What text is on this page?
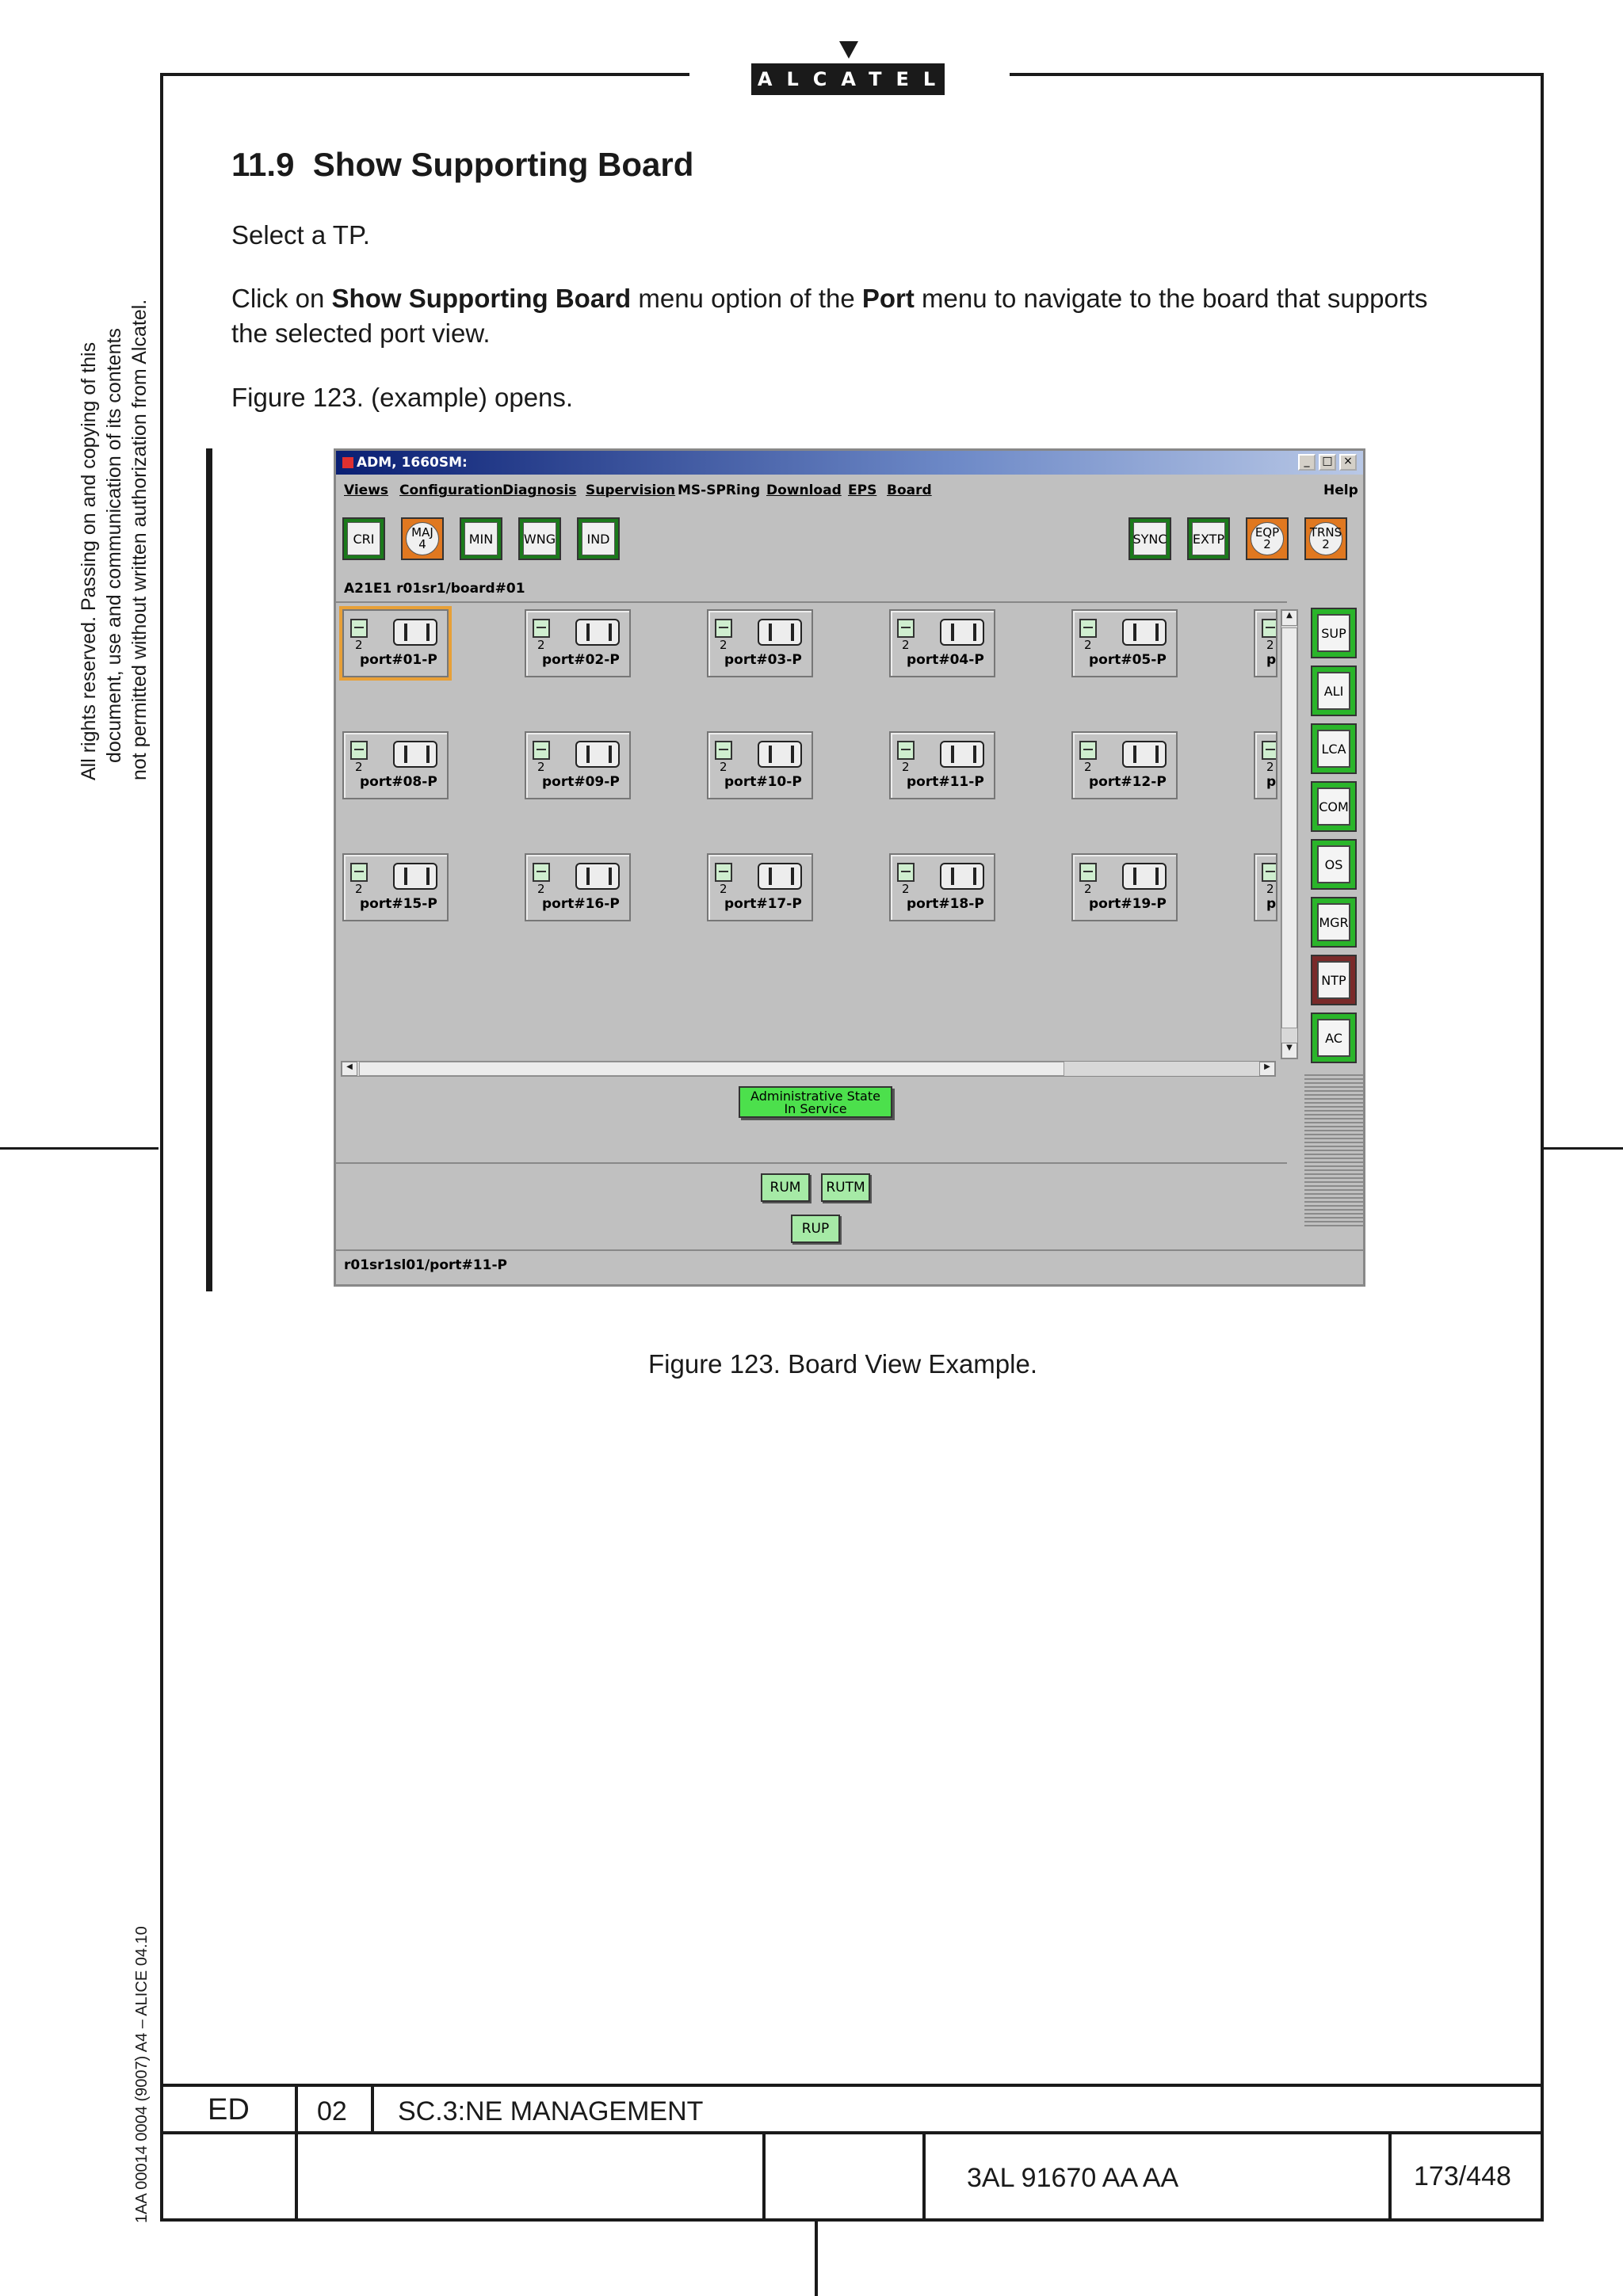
ALCATEL
All rights reserved. Passing on and copying of this document, use and communication of its contents not permitted without written authorization from Alcatel.
1AA 00014 0004 (9007) A4 – ALICE 04.10
11.9 Show Supporting Board
Select a TP.
Click on Show Supporting Board menu option of the Port menu to navigate to the board that supports
the selected port view.
Figure 123. (example) opens.
ADM, 1660SM:	_	□ ×
Views Configuration Diagnosis Supervision MS-SPRing Download EPS Board	Help
CRI	MAJ
4	MIN	WNG	IND	SYNC EXTP	EQP
2
TRNS
2
A21E1 r01sr1/board#01
2
port#01-P
2
port#02-P
2
port#03-P
2
port#04-P
2
port#05-P
2
p
2
port#08-P
2
port#09-P
2
port#10-P
2
port#11-P
2
port#12-P
2
p
2
port#15-P
2
port#16-P
2
port#17-P
2
port#18-P
2
port#19-P
2
p
▲
▼
◀	▶
SUP
ALI
LCA
COM
OS
MGR
NTP
AC
Administrative State
In Service
RUM	RUTM
RUP
r01sr1sl01/port#11-P
Figure 123. Board View Example.
ED	02 SC.3:NE MANAGEMENT
3AL 91670 AA AA	173/448
